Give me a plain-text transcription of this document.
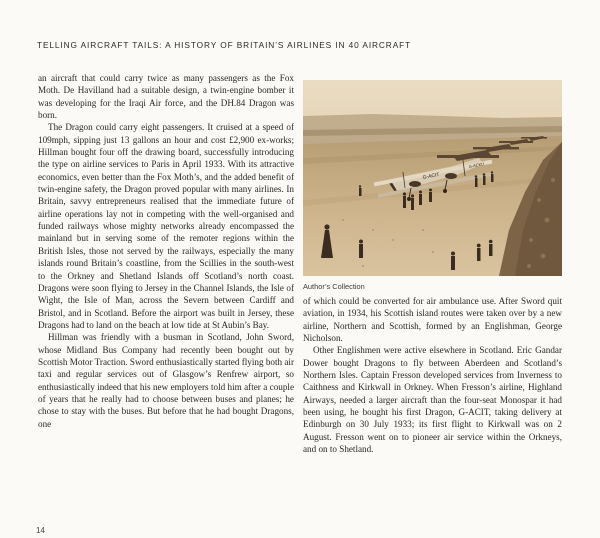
TELLING AIRCRAFT TAILS: A HISTORY OF BRITAIN’S AIRLINES IN 40 AIRCRAFT

an aircraft that could carry twice as many passengers as the Fox Moth. De Havilland had a suitable design, a twin-engine bomber it was developing for the Iraqi Air force, and the DH.84 Dragon was born.

The Dragon could carry eight passengers. It cruised at a speed of 109mph, sipping just 13 gallons an hour and cost £2,900 ex-works; Hillman bought four off the drawing board, successfully introducing the type on airline services to Paris in April 1933. With its attractive economics, even better than the Fox Moth’s, and the added benefit of twin-engine safety, the Dragon proved popular with many airlines. In Britain, savvy entrepreneurs realised that the immediate future of airline operations lay not in competing with the well-organised and funded railways whose mighty networks already encompassed the mainland but in serving some of the remoter regions within the British Isles, those not served by the railways, especially the many islands round Britain’s coastline, from the Scillies in the south-west to the Orkney and Shetland Islands off Scotland’s north coast. Dragons were soon flying to Jersey in the Channel Islands, the Isle of Wight, the Isle of Man, across the Severn between Cardiff and Bristol, and in Scotland. Before the airport was built in Jersey, these Dragons had to land on the beach at low tide at St Aubin’s Bay.

Hillman was friendly with a busman in Scotland, John Sword, whose Midland Bus Company had recently been bought out by Scottish Motor Traction. Sword enthusiastically started flying both air taxi and regular services out of Glasgow’s Renfrew airport, so enthusiastically indeed that his new employers told him after a couple of years that he really had to choose between buses and planes; he chose to stay with the buses. But before that he had bought Dragons, one

G-ACIT
G-ACKU
Author’s Collection

of which could be converted for air ambulance use. After Sword quit aviation, in 1934, his Scottish island routes were taken over by a new airline, Northern and Scottish, formed by an Englishman, George Nicholson.

Other Englishmen were active elsewhere in Scotland. Eric Gandar Dower bought Dragons to fly between Aberdeen and Scotland’s Northern Isles. Captain Fresson developed services from Inverness to Caithness and Kirkwall in Orkney. When Fresson’s airline, Highland Airways, needed a larger aircraft than the four-seat Monospar it had been using, he bought his first Dragon, G-ACIT, taking delivery at Edinburgh on 30 July 1933; its first flight to Kirkwall was on 2 August. Fresson went on to pioneer air service within the Orkneys, and on to Shetland.

14
